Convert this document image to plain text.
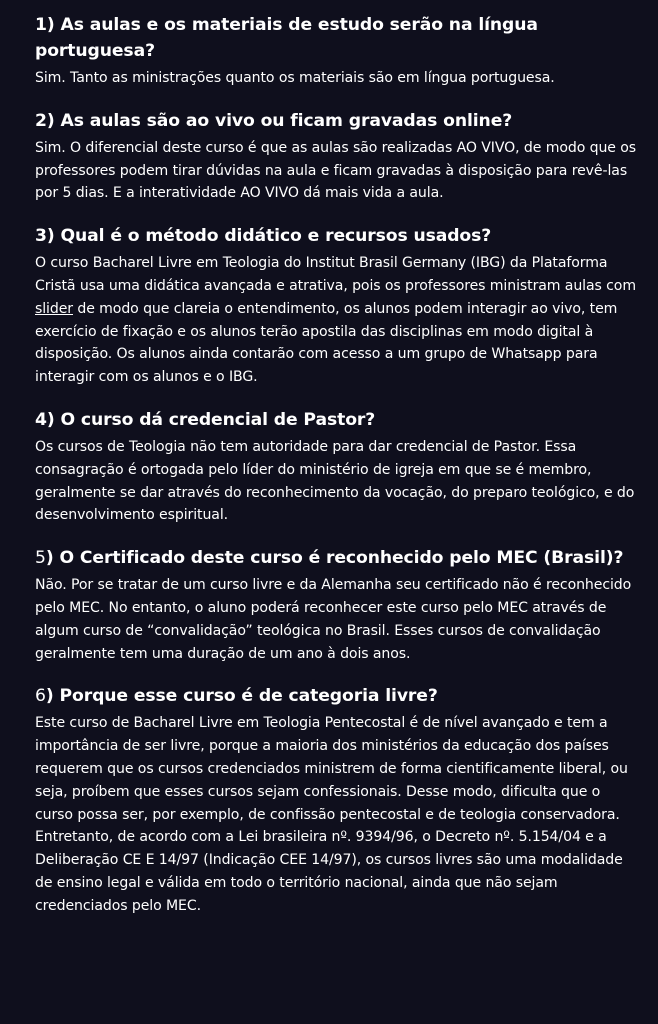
1) As aulas e os materiais de estudo serão na língua portuguesa?

Sim. Tanto as ministrações quanto os materiais são em língua portuguesa.

2) As aulas são ao vivo ou ficam gravadas online?

Sim. O diferencial deste curso é que as aulas são realizadas AO VIVO, de modo que os professores podem tirar dúvidas na aula e ficam gravadas à disposição para revê-las por 5 dias. E a interatividade AO VIVO dá mais vida a aula.

3) Qual é o método didático e recursos usados?

O curso Bacharel Livre em Teologia do Institut Brasil Germany (IBG) da Plataforma Cristã usa uma didática avançada e atrativa, pois os professores ministram aulas com slider de modo que clareia o entendimento, os alunos podem interagir ao vivo, tem exercício de fixação e os alunos terão apostila das disciplinas em modo digital à disposição. Os alunos ainda contarão com acesso a um grupo de Whatsapp para interagir com os alunos e o IBG.

4) O curso dá credencial de Pastor?

Os cursos de Teologia não tem autoridade para dar credencial de Pastor. Essa consagração é ortogada pelo líder do ministério de igreja em que se é membro, geralmente se dar através do reconhecimento da vocação, do preparo teológico, e do desenvolvimento espiritual.

5) O Certificado deste curso é reconhecido pelo MEC (Brasil)?

Não. Por se tratar de um curso livre e da Alemanha seu certificado não é reconhecido pelo MEC. No entanto, o aluno poderá reconhecer este curso pelo MEC através de algum curso de “convalidação” teológica no Brasil. Esses cursos de convalidação geralmente tem uma duração de um ano à dois anos.

6) Porque esse curso é de categoria livre?

Este curso de Bacharel Livre em Teologia Pentecostal é de nível avançado e tem a importância de ser livre, porque a maioria dos ministérios da educação dos países requerem que os cursos credenciados ministrem de forma cientificamente liberal, ou seja, proíbem que esses cursos sejam confessionais. Desse modo, dificulta que o curso possa ser, por exemplo, de confissão pentecostal e de teologia conservadora. Entretanto, de acordo com a Lei brasileira nº. 9394/96, o Decreto nº. 5.154/04 e a Deliberação CE E 14/97 (Indicação CEE 14/97), os cursos livres são uma modalidade de ensino legal e válida em todo o território nacional, ainda que não sejam credenciados pelo MEC.
